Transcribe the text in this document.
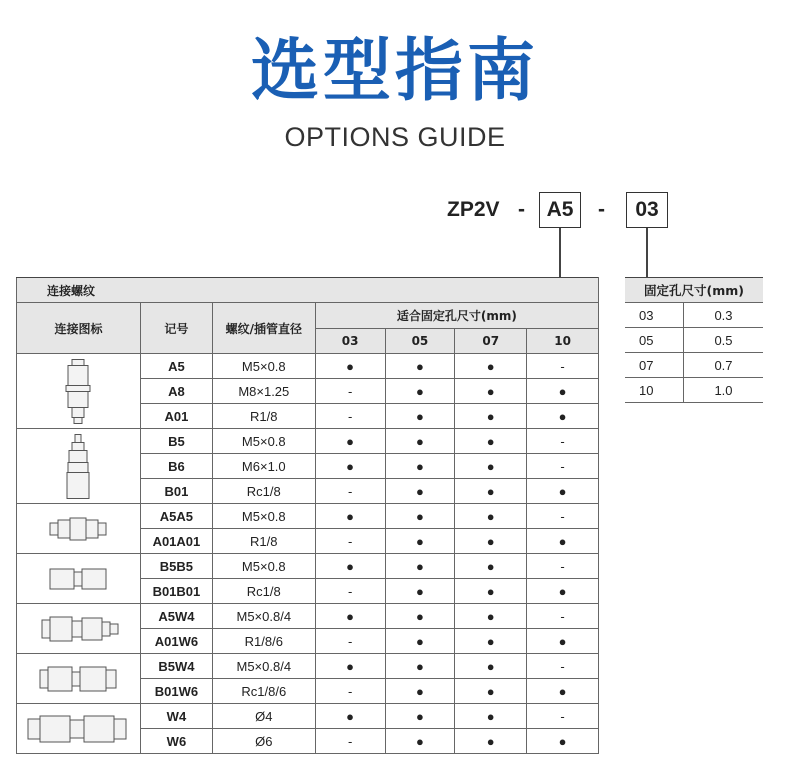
选型指南
OPTIONS GUIDE
ZP2V -	A5	-	03
连接螺纹						
连接图标	记号	螺纹/插管直径	适合固定孔尺寸(mm)			
			03	05	07	10

	A5	M5×0.8	●	●	●	-
	A8	M8×1.25	-	●	●	●
	A01	R1/8	-	●	●	●

	B5	M5×0.8	●	●	●	-
	B6	M6×1.0	●	●	●	-
	B01	Rc1/8	-	●	●	●

	A5A5	M5×0.8	●	●	●	-
	A01A01	R1/8	-	●	●	●

	B5B5	M5×0.8	●	●	●	-
	B01B01	Rc1/8	-	●	●	●

	A5W4	M5×0.8/4	●	●	●	-
	A01W6	R1/8/6	-	●	●	●

	B5W4	M5×0.8/4	●	●	●	-
	B01W6	Rc1/8/6	-	●	●	●

	W4	Ø4	●	●	●	-
	W6	Ø6	-	●	●	●
固定孔尺寸(mm)	
03	0.3
05	0.5
07	0.7
10	1.0
